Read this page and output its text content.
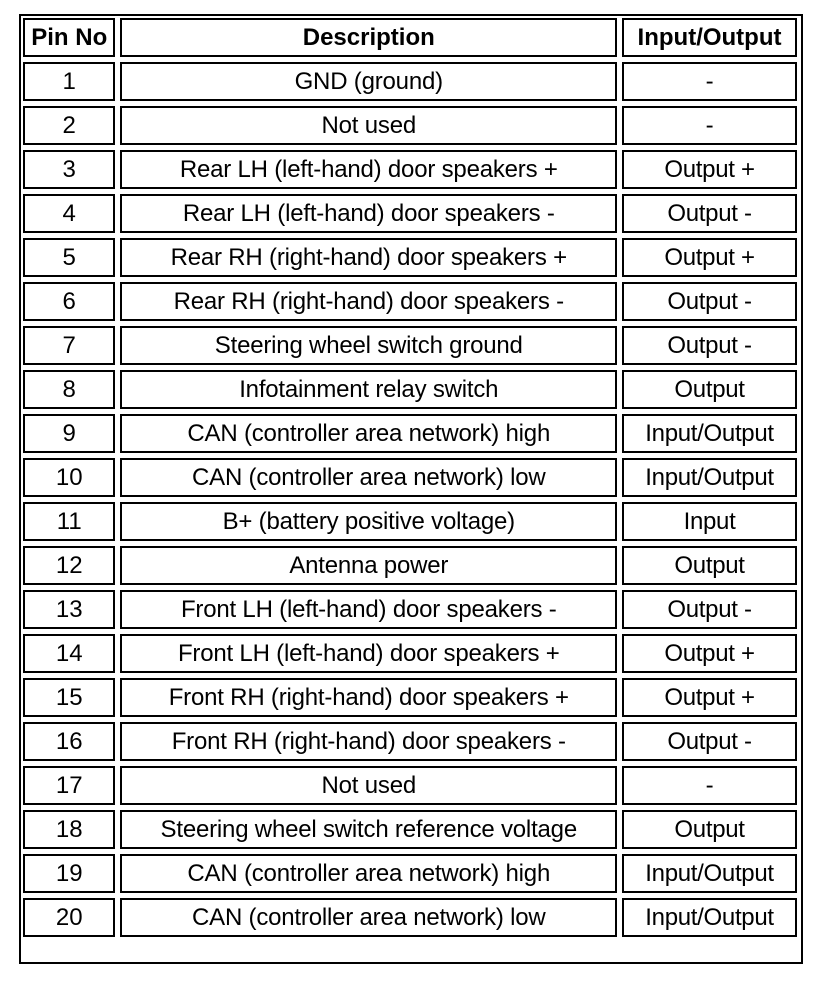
Pin No	Description	Input/Output
1	GND (ground)	-
2	Not used	-
3	Rear LH (left-hand) door speakers +	Output +
4	Rear LH (left-hand) door speakers -	Output -
5	Rear RH (right-hand) door speakers +	Output +
6	Rear RH (right-hand) door speakers -	Output -
7	Steering wheel switch ground	Output -
8	Infotainment relay switch	Output
9	CAN (controller area network) high	Input/Output
10	CAN (controller area network) low	Input/Output
11	B+ (battery positive voltage)	Input
12	Antenna power	Output
13	Front LH (left-hand) door speakers -	Output -
14	Front LH (left-hand) door speakers +	Output +
15	Front RH (right-hand) door speakers +	Output +
16	Front RH (right-hand) door speakers -	Output -
17	Not used	-
18	Steering wheel switch reference voltage	Output
19	CAN (controller area network) high	Input/Output
20	CAN (controller area network) low	Input/Output
